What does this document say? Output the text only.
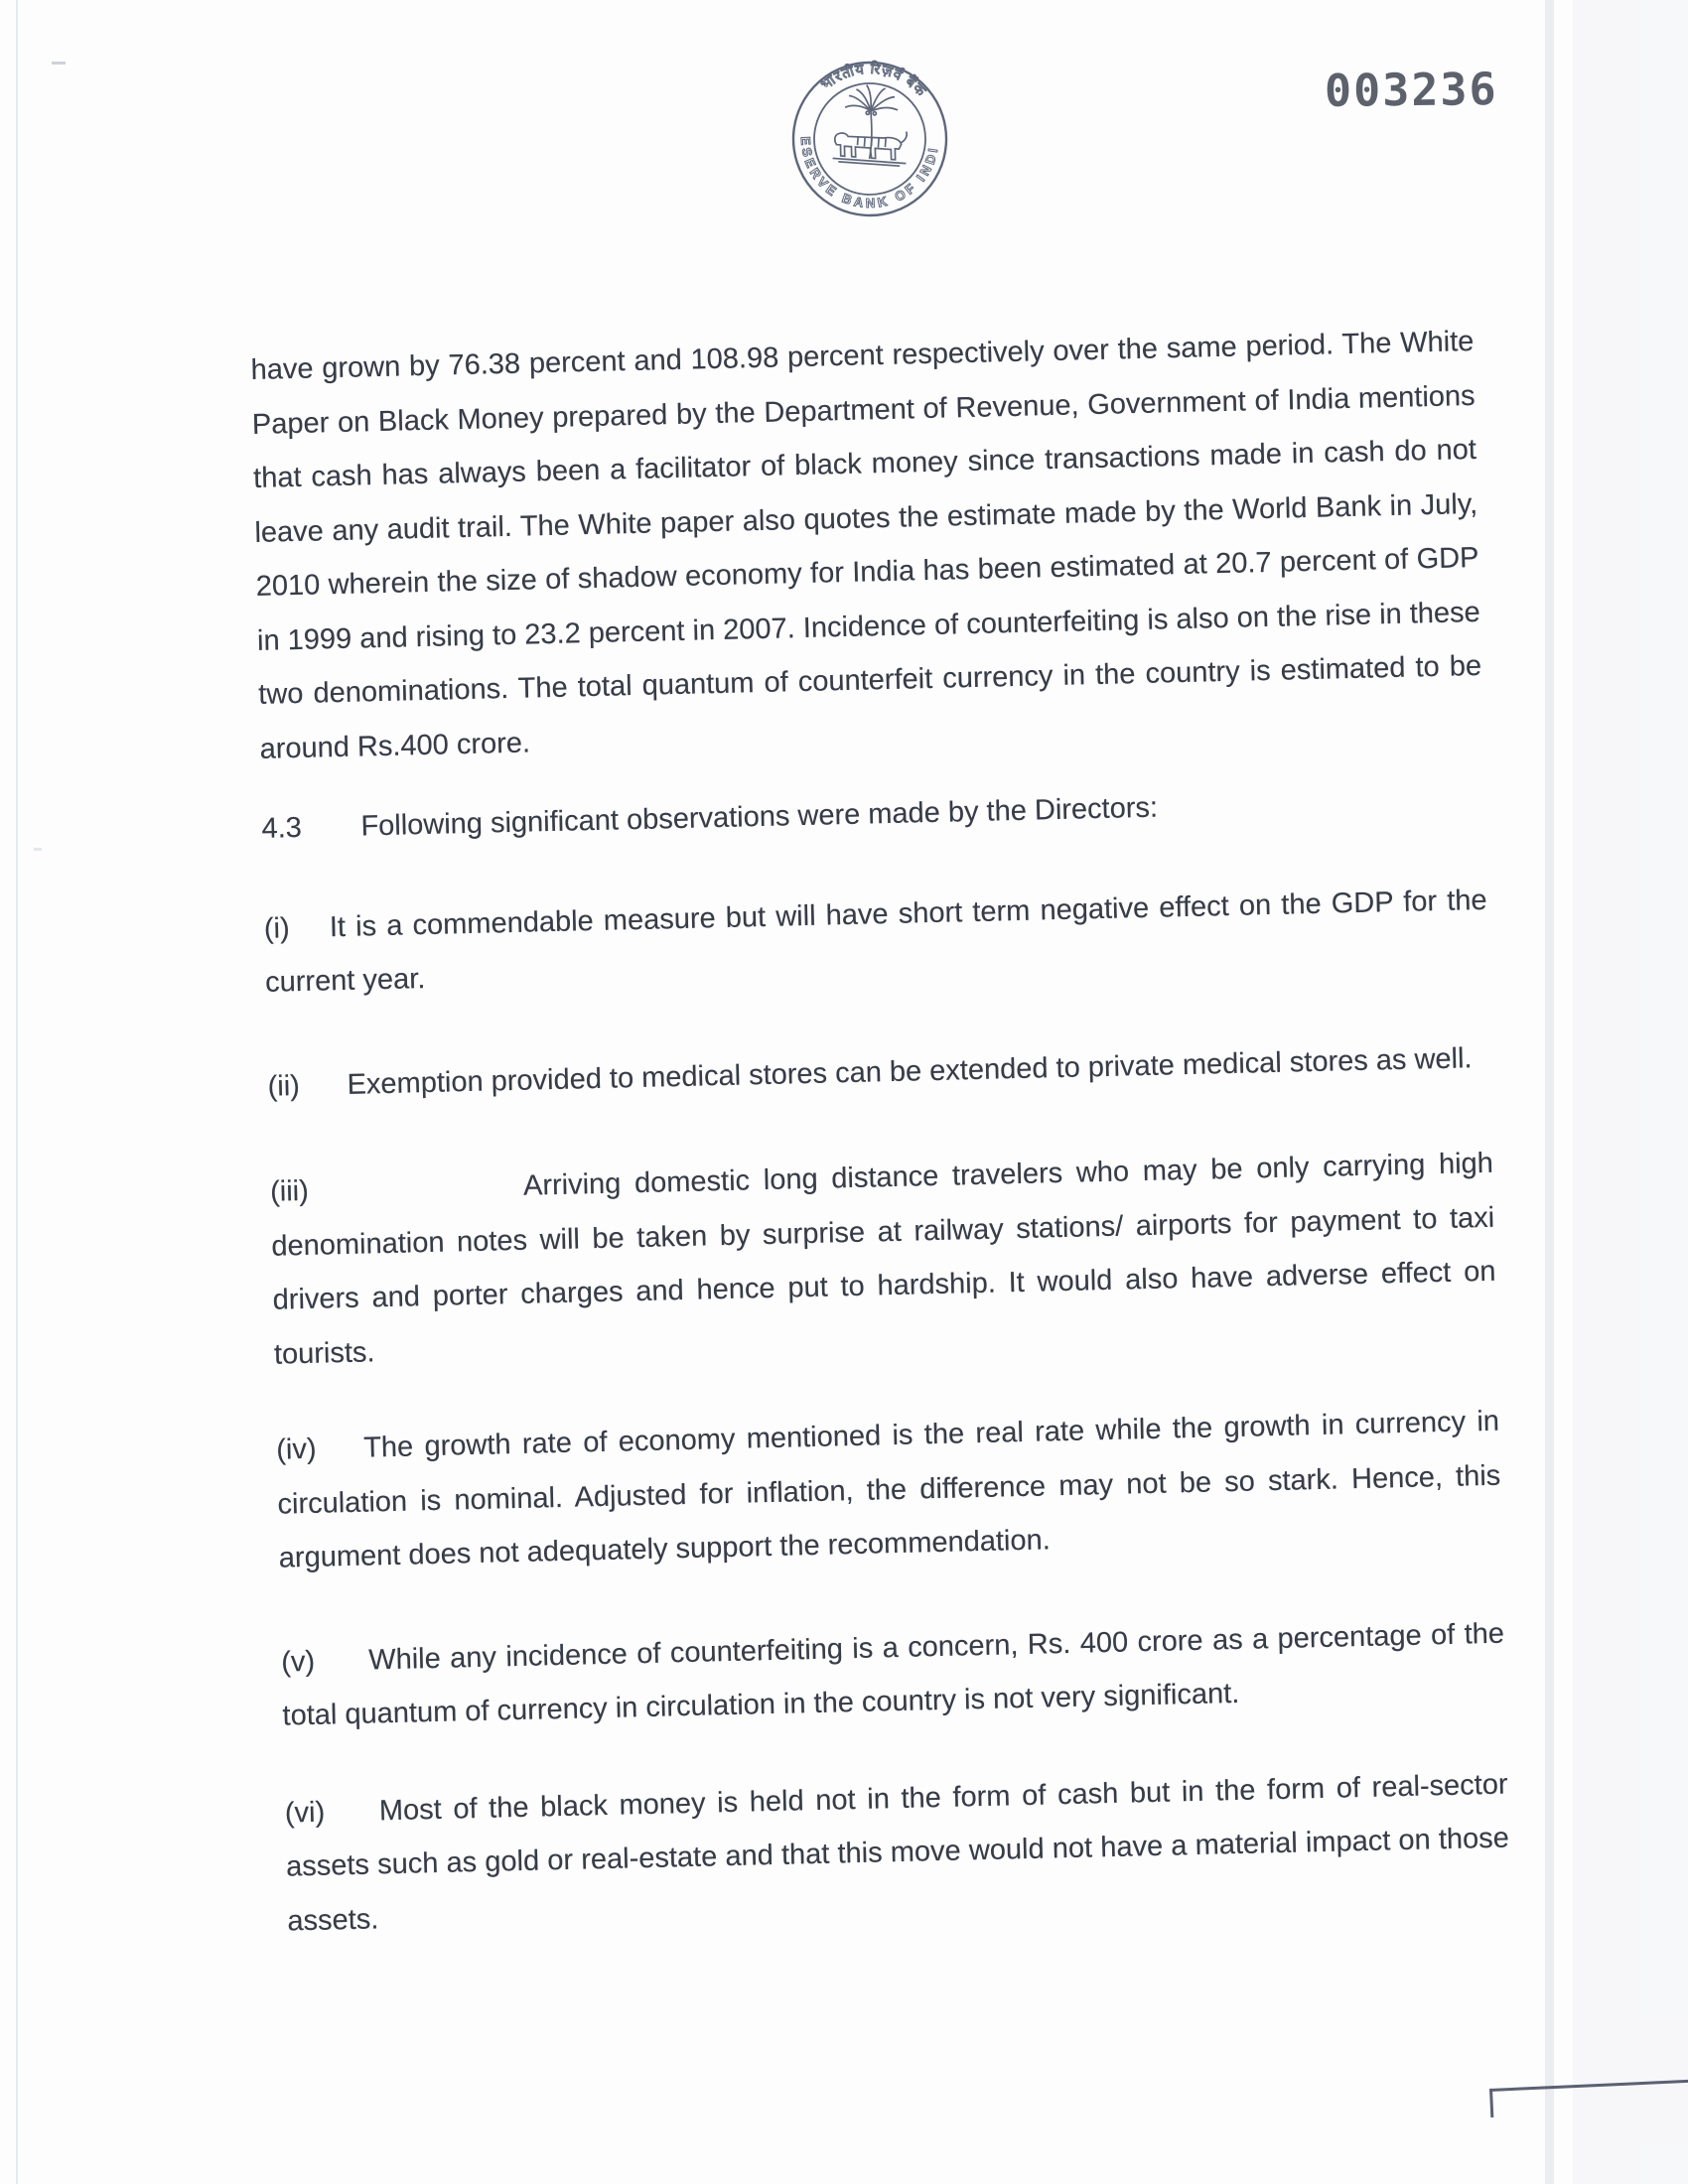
भारतीय रिज़र्व बैंक
· RESERVE BANK OF INDIA ·
003236

have grown by 76.38 percent and 108.98 percent respectively over the same period. The White Paper on Black Money prepared by the Department of Revenue, Government of India mentions that cash has always been a facilitator of black money since transactions made in cash do not leave any audit trail. The White paper also quotes the estimate made by the World Bank in July, 2010 wherein the size of shadow economy for India has been estimated at 20.7 percent of GDP in 1999 and rising to 23.2 percent in 2007. Incidence of counterfeiting is also on the rise in these two denominations. The total quantum of counterfeit currency in the country is estimated to be around Rs.400 crore.

4.3 Following significant observations were made by the Directors:

(i) It is a commendable measure but will have short term negative effect on the GDP for the current year.

(ii) Exemption provided to medical stores can be extended to private medical stores as well.

(iii)	Arriving domestic long distance travelers who may be only carrying high denomination notes will be taken by surprise at railway stations/ airports for payment to taxi drivers and porter charges and hence put to hardship. It would also have adverse effect on tourists.

(iv) The growth rate of economy mentioned is the real rate while the growth in currency in circulation is nominal. Adjusted for inflation, the difference may not be so stark. Hence, this argument does not adequately support the recommendation.

(v) While any incidence of counterfeiting is a concern, Rs. 400 crore as a percentage of the total quantum of currency in circulation in the country is not very significant.

(vi) Most of the black money is held not in the form of cash but in the form of real-sector assets such as gold or real-estate and that this move would not have a material impact on those assets.
